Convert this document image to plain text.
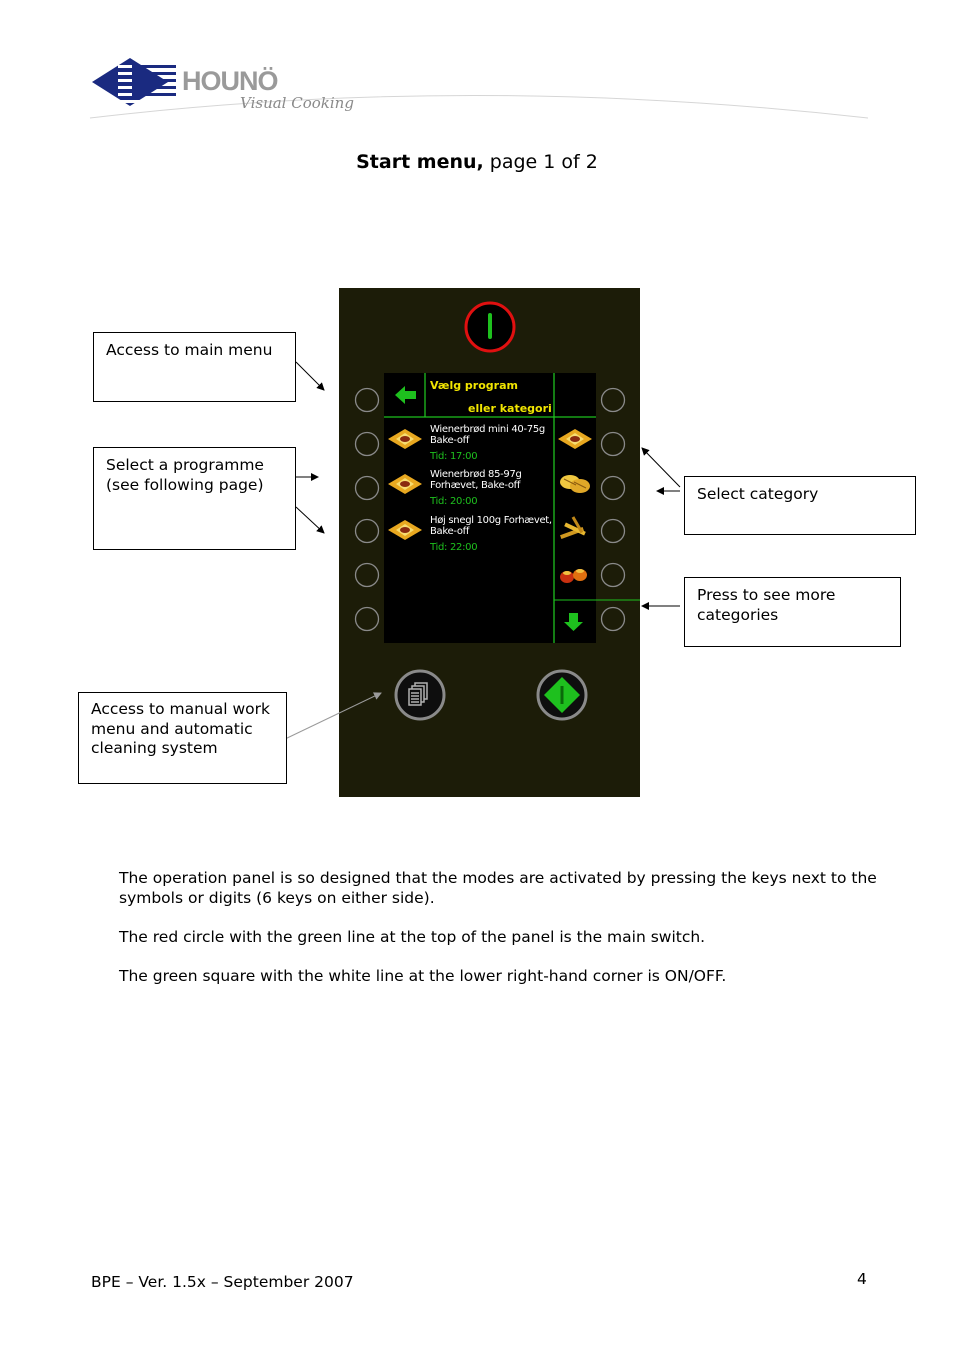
HOUNÖ
Visual Cooking
Start menu, page 1 of 2
Vælg program
eller kategori
Wienerbrød mini 40-75g
Bake-off
Tid: 17:00
Wienerbrød 85-97g
Forhævet, Bake-off
Tid: 20:00
Høj snegl 100g Forhævet,
Bake-off
Tid: 22:00
Access to main menu
Select a programme (see following page)
Select category
Press to see more categories
Access to manual work menu and automatic cleaning system
The operation panel is so designed that the modes are activated by pressing the keys next to the symbols or digits (6 keys on either side).
The red circle with the green line at the top of the panel is the main switch.
The green square with the white line at the lower right-hand corner is ON/OFF.
BPE – Ver. 1.5x – September 2007	4
